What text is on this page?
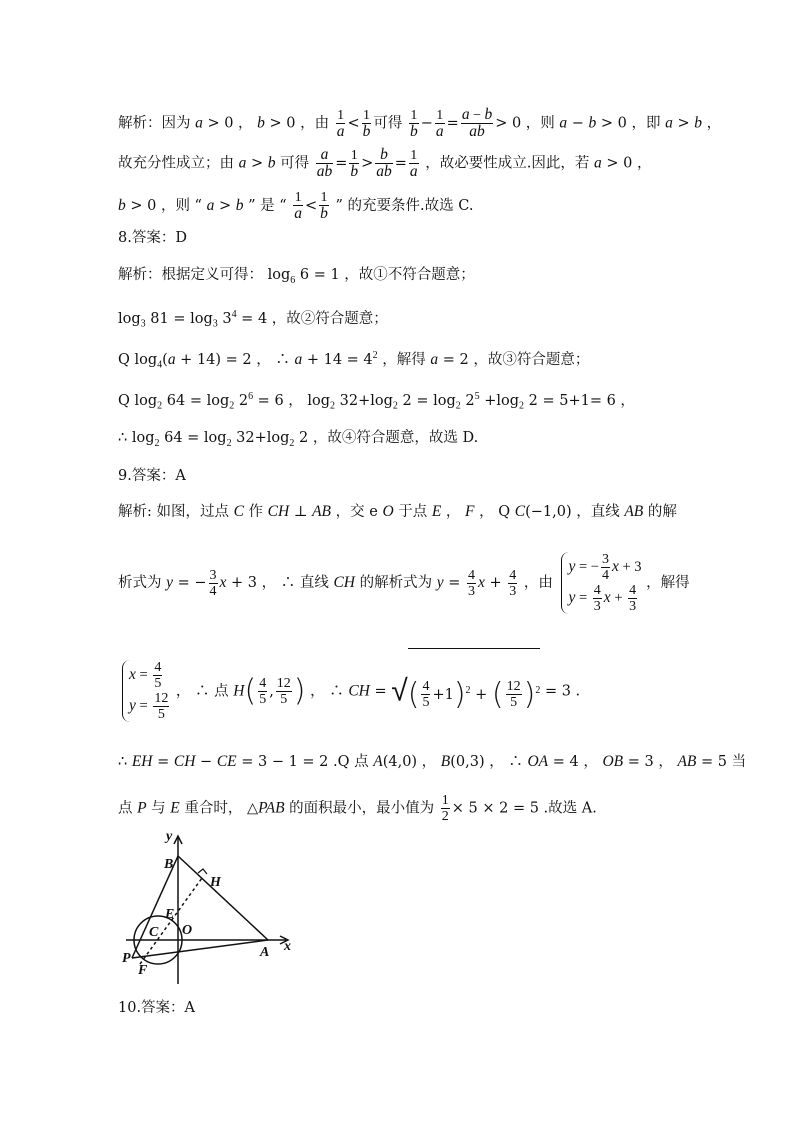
解析：因为 a > 0 ， b > 0 ，由 $\frac{1}{a} < \frac{1}{b}$ 可得 $\frac{1}{b} - \frac{1}{a} = \frac{a - b}{ab} > 0$ ，则 a − b > 0 ，即 a > b ，
故充分性成立；由 a > b 可得 $\frac{a}{ab} = \frac{1}{b} > \frac{b}{ab} = \frac{1}{a}$ ，故必要性成立.因此，若 a > 0 ，
b > 0 ，则 “ a > b ” 是 “ $\frac{1}{a} < \frac{1}{b}$ ” 的充要条件.故选 C.
8.答案：D
解析：根据定义可得： $\log_6 6 = 1$ ，故①不符合题意；
$\log_3 81 = \log_3 3^4 = 4$ ，故②符合题意；
Q $\log_4(a + 14) = 2$ ， ∴ $a + 14 = 4^2$ ，解得 a = 2 ，故③符合题意；
Q $\log_2 64 = \log_2 2^6 = 6$ ， $\log_2 32+\log_2$ $2 = \log_2 2^5 +\log_2$ 2 = 5+1= 6 ，
∴ $\log_2 64 = \log_2 32+\log_2$ 2 ，故④符合题意，故选 D.
9.答案：A
解析: 如图，过点 C 作 CH ⊥ AB ，交 e O 于点 E ， F ， Q C(−1,0) ，直线 AB 的解
析式为 y = − $\frac{3}{4}$ x + 3 ， ∴ 直线 CH 的解析式为 $y = \frac{4}{3}$ $x + \frac{4}{3}$ ，由
y = − $\frac{3}{4}$ x + 3
$y = \frac{4}{3}$ $x + \frac{4}{3}$ ，解得
$x = \frac{4}{5}$
$y = \frac{12}{5}$ ， ∴ 点 $H( \frac{4}{5}$ , $\frac{12}{5}$ ) ， ∴ CH = √( $\frac{4}{5} +1)^2$ + ( $\frac{12}{5} )^2 = 3$ .
∴ EH = CH − CE = 3 − 1 = 2 .Q 点 A(4,0) ， B(0,3) ， ∴ OA = 4 ， OB = 3 ， AB = 5 当
点 P 与 E 重合时， △PAB 的面积最小，最小值为 $\frac{1}{2} \times 5 \times 2 = 5$ .故选 A.
y
x
B
H
E
C O
P
F
A
10.答案：A
